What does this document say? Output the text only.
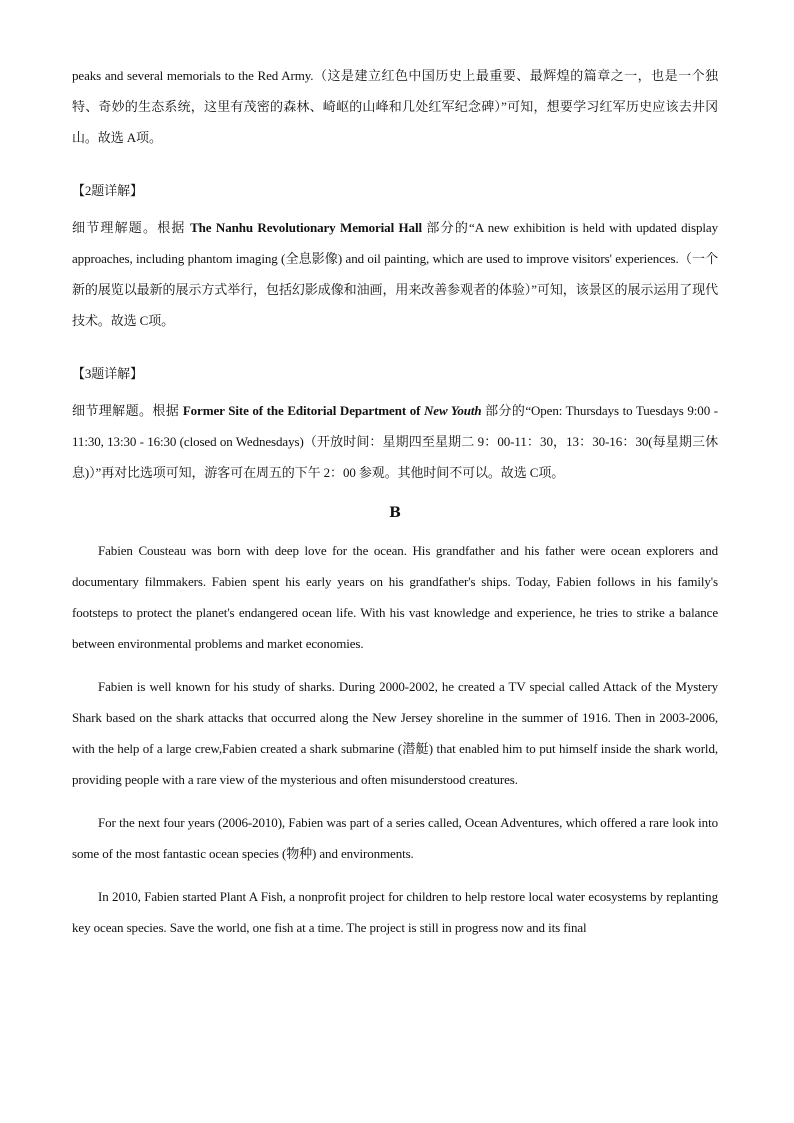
peaks and several memorials to the Red Army.（这是建立红色中国历史上最重要、最辉煌的篇章之一，也是一个独特、奇妙的生态系统，这里有茂密的森林、崎岖的山峰和几处红军纪念碑）”可知，想要学习红军历史应该去井冈山。故选 A项。

【2题详解】

细节理解题。根据 The Nanhu Revolutionary Memorial Hall 部分的“A new exhibition is held with updated display approaches, including phantom imaging (全息影像) and oil painting, which are used to improve visitors' experiences.（一个新的展览以最新的展示方式举行，包括幻影成像和油画，用来改善参观者的体验）”可知，该景区的展示运用了现代技术。故选 C项。

【3题详解】

细节理解题。根据 Former Site of the Editorial Department of New Youth 部分的“Open: Thursdays to Tuesdays 9:00 - 11:30, 13:30 - 16:30 (closed on Wednesdays)（开放时间：星期四至星期二 9：00-11：30，13：30-16：30(每星期三休息)）”再对比选项可知，游客可在周五的下午 2：00 参观。其他时间不可以。故选 C项。

B

Fabien Cousteau was born with deep love for the ocean. His grandfather and his father were ocean explorers and documentary filmmakers. Fabien spent his early years on his grandfather's ships. Today, Fabien follows in his family's footsteps to protect the planet's endangered ocean life. With his vast knowledge and experience, he tries to strike a balance between environmental problems and market economies.

Fabien is well known for his study of sharks. During 2000-2002, he created a TV special called Attack of the Mystery Shark based on the shark attacks that occurred along the New Jersey shoreline in the summer of 1916. Then in 2003-2006, with the help of a large crew,Fabien created a shark submarine (潜艇) that enabled him to put himself inside the shark world, providing people with a rare view of the mysterious and often misunderstood creatures.

For the next four years (2006-2010), Fabien was part of a series called, Ocean Adventures, which offered a rare look into some of the most fantastic ocean species (物种) and environments.

In 2010, Fabien started Plant A Fish, a nonprofit project for children to help restore local water ecosystems by replanting key ocean species. Save the world, one fish at a time. The project is still in progress now and its final
